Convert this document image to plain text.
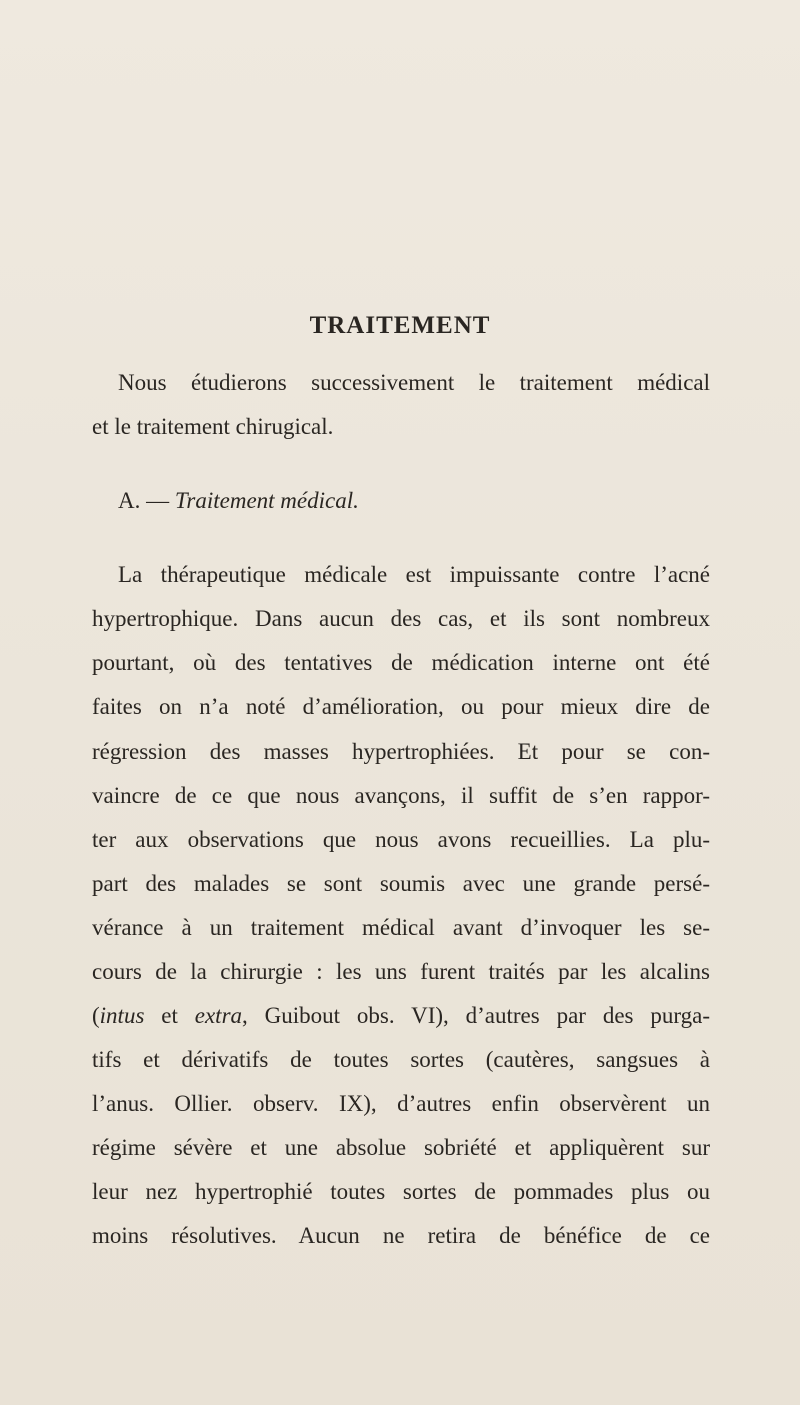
TRAITEMENT
Nous étudierons successivement le traitement médical
et le traitement chirugical.
A. — Traitement médical.
La thérapeutique médicale est impuissante contre l’acné
hypertrophique. Dans aucun des cas, et ils sont nombreux
pourtant, où des tentatives de médication interne ont été
faites on n’a noté d’amélioration, ou pour mieux dire de
régression des masses hypertrophiées. Et pour se con-
vaincre de ce que nous avançons, il suffit de s’en rappor-
ter aux observations que nous avons recueillies. La plu-
part des malades se sont soumis avec une grande persé-
vérance à un traitement médical avant d’invoquer les se-
cours de la chirurgie : les uns furent traités par les alcalins
(intus et extra, Guibout obs. VI), d’autres par des purga-
tifs et dérivatifs de toutes sortes (cautères, sangsues à
l’anus. Ollier. observ. IX), d’autres enfin observèrent un
régime sévère et une absolue sobriété et appliquèrent sur
leur nez hypertrophié toutes sortes de pommades plus ou
moins résolutives. Aucun ne retira de bénéfice de ce
